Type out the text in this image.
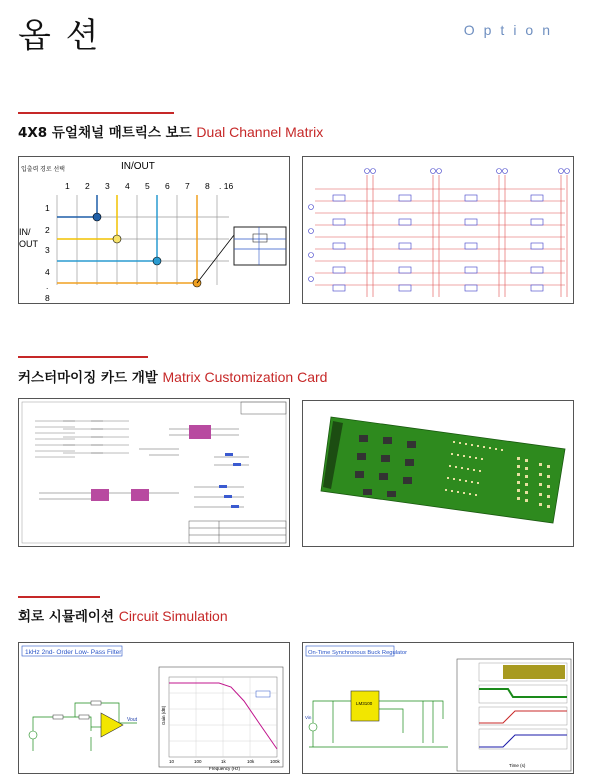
옵 션	Option
4X8 듀얼채널 매트릭스 보드 Dual Channel Matrix
입출력 경로 선택	IN/OUT
IN/
OUT
1 2 3 4 5 6 7 8 . 16
1
2
3
4
.
8
커스터마이징 카드 개발 Matrix Customization Card
회로 시뮬레이션 Circuit Simulation
1kHz 2nd- Order Low- Pass Filter
Vout
10	100	1k	10k	100k
Frequency (Hz)
Gain (dB)
On-Time Synchronous Buck Regulator
LM3100
Vin
Time (s)
